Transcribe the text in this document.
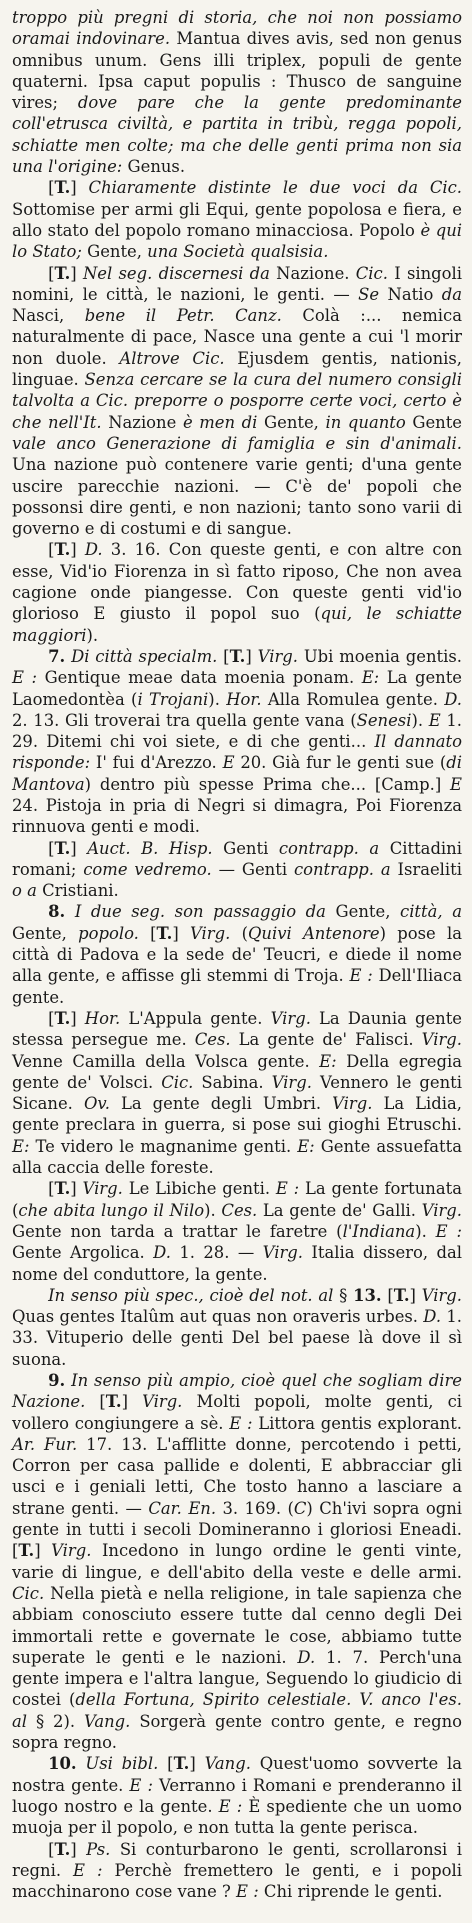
troppo più pregni di storia, che noi non possiamo oramai indovinare. Mantua dives avis, sed non genus omnibus unum. Gens illi triplex, populi de gente quaterni. Ipsa caput populis : Thusco de sanguine vires; dove pare che la gente predominante coll'etrusca civiltà, e partita in tribù, regga popoli, schiatte men colte; ma che delle genti prima non sia una l'origine: Genus.

[T.] Chiaramente distinte le due voci da Cic. Sottomise per armi gli Equi, gente popolosa e fiera, e allo stato del popolo romano minacciosa. Popolo è qui lo Stato; Gente, una Società qualsisia.

[T.] Nel seg. discernesi da Nazione. Cic. I singoli nomini, le città, le nazioni, le genti. — Se Natio da Nasci, bene il Petr. Canz. Colà :... nemica naturalmente di pace, Nasce una gente a cui 'l morir non duole. Altrove Cic. Ejusdem gentis, nationis, linguae. Senza cercare se la cura del numero consigli talvolta a Cic. preporre o posporre certe voci, certo è che nell'It. Nazione è men di Gente, in quanto Gente vale anco Generazione di famiglia e sin d'animali. Una nazione può contenere varie genti; d'una gente uscire parecchie nazioni. — C'è de' popoli che possonsi dire genti, e non nazioni; tanto sono varii di governo e di costumi e di sangue.

[T.] D. 3. 16. Con queste genti, e con altre con esse, Vid'io Fiorenza in sì fatto riposo, Che non avea cagione onde piangesse. Con queste genti vid'io glorioso E giusto il popol suo (qui, le schiatte maggiori).

7. Di città specialm. [T.] Virg. Ubi moenia gentis. E : Gentique meae data moenia ponam. E: La gente Laomedontèa (i Trojani). Hor. Alla Romulea gente. D. 2. 13. Gli troverai tra quella gente vana (Senesi). E 1. 29. Ditemi chi voi siete, e di che genti... Il dannato risponde: I' fui d'Arezzo. E 20. Già fur le genti sue (di Mantova) dentro più spesse Prima che... [Camp.] E 24. Pistoja in pria di Negri si dimagra, Poi Fiorenza rinnuova genti e modi.

[T.] Auct. B. Hisp. Genti contrapp. a Cittadini romani; come vedremo. — Genti contrapp. a Israeliti o a Cristiani.

8. I due seg. son passaggio da Gente, città, a Gente, popolo. [T.] Virg. (Quivi Antenore) pose la città di Padova e la sede de' Teucri, e diede il nome alla gente, e affisse gli stemmi di Troja. E : Dell'Iliaca gente.

[T.] Hor. L'Appula gente. Virg. La Daunia gente stessa persegue me. Ces. La gente de' Falisci. Virg. Venne Camilla della Volsca gente. E: Della egregia gente de' Volsci. Cic. Sabina. Virg. Vennero le genti Sicane. Ov. La gente degli Umbri. Virg. La Lidia, gente preclara in guerra, si pose sui gioghi Etruschi. E: Te videro le magnanime genti. E: Gente assuefatta alla caccia delle foreste.

[T.] Virg. Le Libiche genti. E : La gente fortunata (che abita lungo il Nilo). Ces. La gente de' Galli. Virg. Gente non tarda a trattar le faretre (l'Indiana). E : Gente Argolica. D. 1. 28. — Virg. Italia dissero, dal nome del conduttore, la gente.

In senso più spec., cioè del not. al § 13. [T.] Virg. Quas gentes Italûm aut quas non oraveris urbes. D. 1. 33. Vituperio delle genti Del bel paese là dove il sì suona.

9. In senso più ampio, cioè quel che sogliam dire Nazione. [T.] Virg. Molti popoli, molte genti, ci vollero congiungere a sè. E : Littora gentis explorant. Ar. Fur. 17. 13. L'afflitte donne, percotendo i petti, Corron per casa pallide e dolenti, E abbracciar gli usci e i geniali letti, Che tosto hanno a lasciare a strane genti. — Car. En. 3. 169. (C) Ch'ivi sopra ogni gente in tutti i secoli Domineranno i gloriosi Eneadi. [T.] Virg. Incedono in lungo ordine le genti vinte, varie di lingue, e dell'abito della veste e delle armi. Cic. Nella pietà e nella religione, in tale sapienza che abbiam conosciuto essere tutte dal cenno degli Dei immortali rette e governate le cose, abbiamo tutte superate le genti e le nazioni. D. 1. 7. Perch'una gente impera e l'altra langue, Seguendo lo giudicio di costei (della Fortuna, Spirito celestiale. V. anco l'es. al § 2). Vang. Sorgerà gente contro gente, e regno sopra regno.

10. Usi bibl. [T.] Vang. Quest'uomo sovverte la nostra gente. E : Verranno i Romani e prenderanno il luogo nostro e la gente. E : È spediente che un uomo muoja per il popolo, e non tutta la gente perisca.

[T.] Ps. Si conturbarono le genti, scrollaronsi i regni. E : Perchè fremettero le genti, e i popoli macchinarono cose vane ? E : Chi riprende le genti.
